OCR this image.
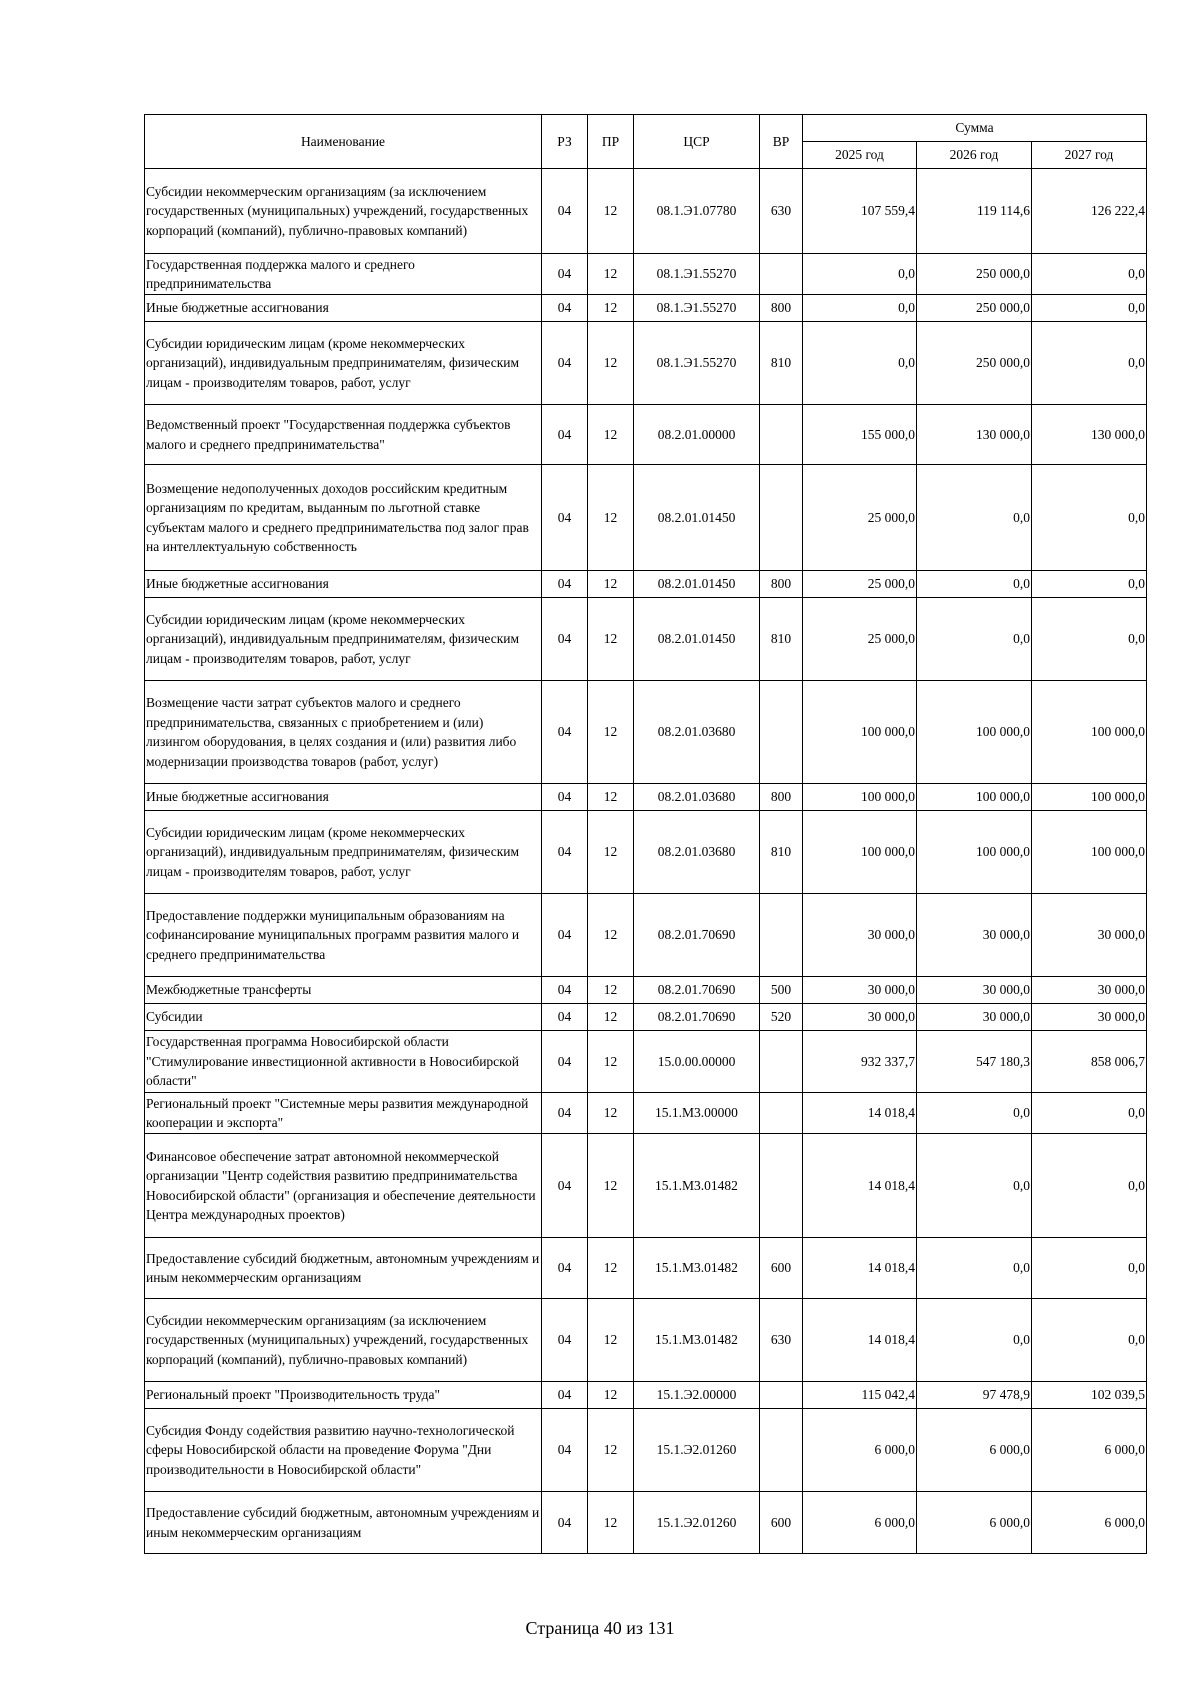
Наименование	РЗ	ПР	ЦСР	ВР	Сумма		
					2025 год	2026 год	2027 год
Субсидии некоммерческим организациям (за исключением государственных (муниципальных) учреждений, государственных корпораций (компаний), публично-правовых компаний)	04	12	08.1.Э1.07780	630	107 559,4	119 114,6	126 222,4
Государственная поддержка малого и среднего предпринимательства	04	12	08.1.Э1.55270		0,0	250 000,0	0,0
Иные бюджетные ассигнования	04	12	08.1.Э1.55270	800	0,0	250 000,0	0,0
Субсидии юридическим лицам (кроме некоммерческих организаций), индивидуальным предпринимателям, физическим лицам - производителям товаров, работ, услуг	04	12	08.1.Э1.55270	810	0,0	250 000,0	0,0
Ведомственный проект "Государственная поддержка субъектов малого и среднего предпринимательства"	04	12	08.2.01.00000		155 000,0	130 000,0	130 000,0
Возмещение недополученных доходов российским кредитным организациям по кредитам, выданным по льготной ставке субъектам малого и среднего предпринимательства под залог прав на интеллектуальную собственность	04	12	08.2.01.01450		25 000,0	0,0	0,0
Иные бюджетные ассигнования	04	12	08.2.01.01450	800	25 000,0	0,0	0,0
Субсидии юридическим лицам (кроме некоммерческих организаций), индивидуальным предпринимателям, физическим лицам - производителям товаров, работ, услуг	04	12	08.2.01.01450	810	25 000,0	0,0	0,0
Возмещение части затрат субъектов малого и среднего предпринимательства, связанных с приобретением и (или) лизингом оборудования, в целях создания и (или) развития либо модернизации производства товаров (работ, услуг)	04	12	08.2.01.03680		100 000,0	100 000,0	100 000,0
Иные бюджетные ассигнования	04	12	08.2.01.03680	800	100 000,0	100 000,0	100 000,0
Субсидии юридическим лицам (кроме некоммерческих организаций), индивидуальным предпринимателям, физическим лицам - производителям товаров, работ, услуг	04	12	08.2.01.03680	810	100 000,0	100 000,0	100 000,0
Предоставление поддержки муниципальным образованиям на софинансирование муниципальных программ развития малого и среднего предпринимательства	04	12	08.2.01.70690		30 000,0	30 000,0	30 000,0
Межбюджетные трансферты	04	12	08.2.01.70690	500	30 000,0	30 000,0	30 000,0
Субсидии	04	12	08.2.01.70690	520	30 000,0	30 000,0	30 000,0
Государственная программа Новосибирской области "Стимулирование инвестиционной активности в Новосибирской области"	04	12	15.0.00.00000		932 337,7	547 180,3	858 006,7
Региональный проект "Системные меры развития международной кооперации и экспорта"	04	12	15.1.М3.00000		14 018,4	0,0	0,0
Финансовое обеспечение затрат автономной некоммерческой организации "Центр содействия развитию предпринимательства Новосибирской области" (организация и обеспечение деятельности Центра международных проектов)	04	12	15.1.М3.01482		14 018,4	0,0	0,0
Предоставление субсидий бюджетным, автономным учреждениям и иным некоммерческим организациям	04	12	15.1.М3.01482	600	14 018,4	0,0	0,0
Субсидии некоммерческим организациям (за исключением государственных (муниципальных) учреждений, государственных корпораций (компаний), публично-правовых компаний)	04	12	15.1.М3.01482	630	14 018,4	0,0	0,0
Региональный проект "Производительность труда"	04	12	15.1.Э2.00000		115 042,4	97 478,9	102 039,5
Субсидия Фонду содействия развитию научно-технологической сферы Новосибирской области на проведение Форума "Дни производительности в Новосибирской области"	04	12	15.1.Э2.01260		6 000,0	6 000,0	6 000,0
Предоставление субсидий бюджетным, автономным учреждениям и иным некоммерческим организациям	04	12	15.1.Э2.01260	600	6 000,0	6 000,0	6 000,0
Страница 40 из 131
